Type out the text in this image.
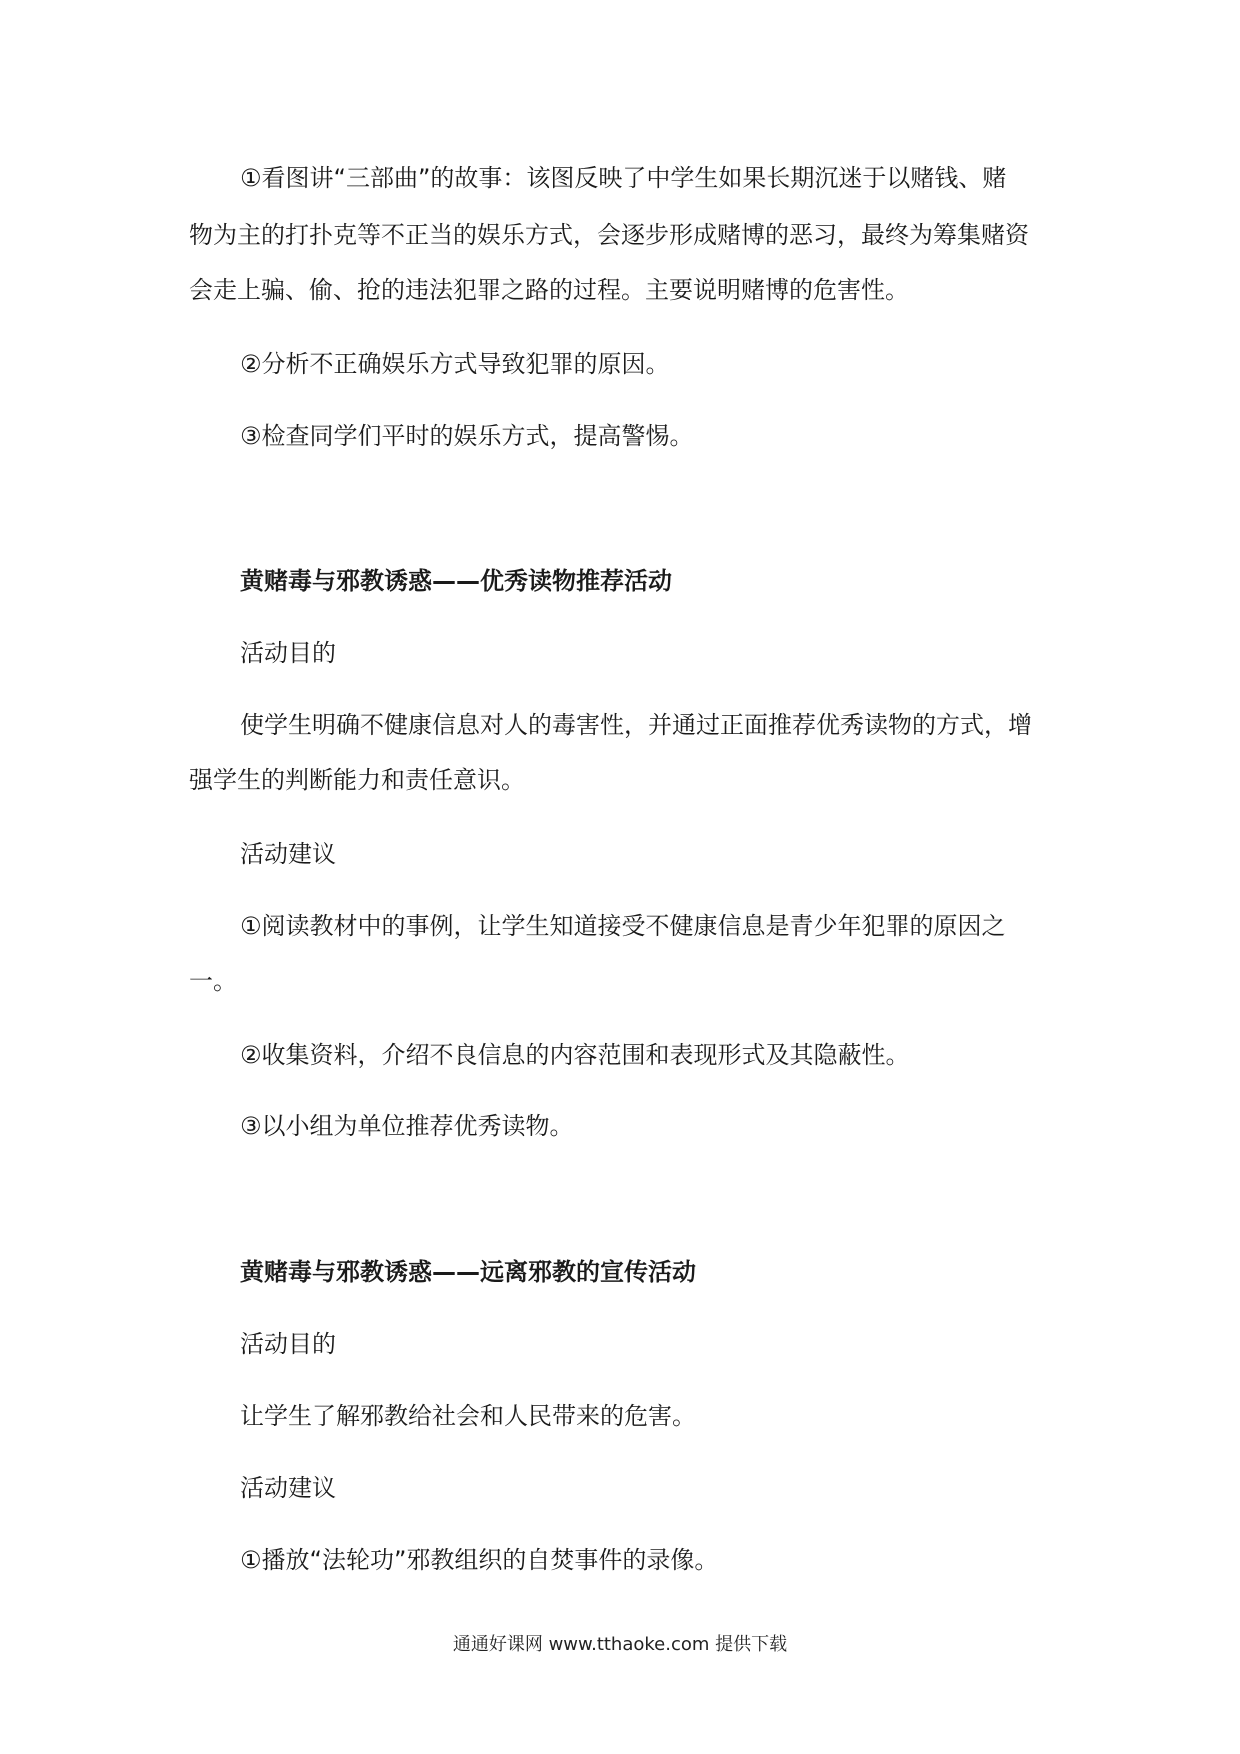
①看图讲“三部曲”的故事：该图反映了中学生如果长期沉迷于以赌钱、赌

物为主的打扑克等不正当的娱乐方式，会逐步形成赌博的恶习，最终为筹集赌资

会走上骗、偷、抢的违法犯罪之路的过程。主要说明赌博的危害性。

②分析不正确娱乐方式导致犯罪的原因。

③检查同学们平时的娱乐方式，提高警惕。

黄赌毒与邪教诱惑——优秀读物推荐活动

活动目的

使学生明确不健康信息对人的毒害性，并通过正面推荐优秀读物的方式，增

强学生的判断能力和责任意识。

活动建议

①阅读教材中的事例，让学生知道接受不健康信息是青少年犯罪的原因之

一。

②收集资料，介绍不良信息的内容范围和表现形式及其隐蔽性。

③以小组为单位推荐优秀读物。

黄赌毒与邪教诱惑——远离邪教的宣传活动

活动目的

让学生了解邪教给社会和人民带来的危害。

活动建议

①播放“法轮功”邪教组织的自焚事件的录像。

通通好课网 www.tthaoke.com 提供下载
